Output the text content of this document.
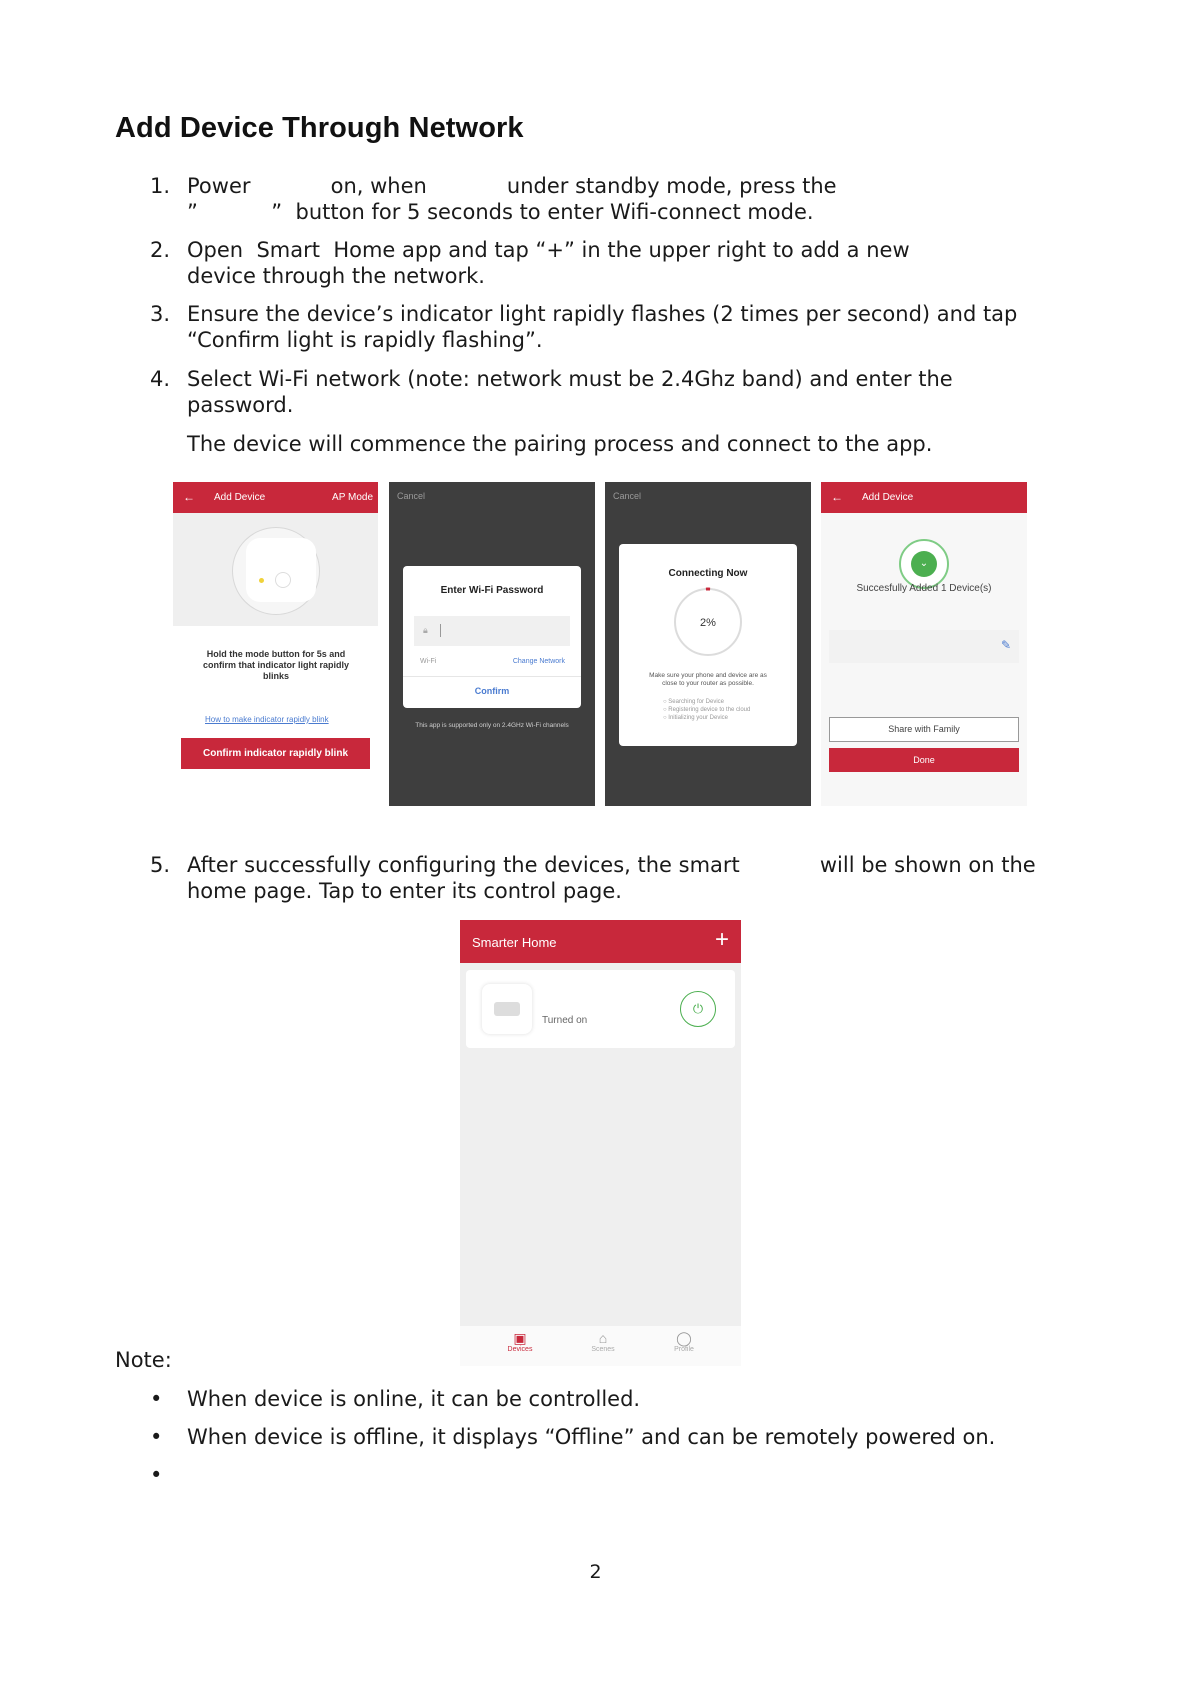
Add Device Through Network
1. Power            on, when            under standby mode, press the
”           ”  button for 5 seconds to enter Wifi-connect mode.
2. Open  Smart  Home app and tap “+” in the upper right to add a new
device through the network.
3. Ensure the device’s indicator light rapidly flashes (2 times per second) and tap
“Confirm light is rapidly flashing”.
4. Select Wi-Fi network (note: network must be 2.4Ghz band) and enter the
password.
The device will commence the pairing process and connect to the app.
← Add Device	AP Mode
Hold the mode button for 5s and confirm that indicator light rapidly blinks
How to make indicator rapidly blink
Confirm indicator rapidly blink
Cancel
Enter Wi-Fi Password
🔒︎
Wi-Fi	Change Network
Confirm
This app is supported only on 2.4GHz Wi-Fi channels
Cancel
Connecting Now
2%
Make sure your phone and device are as close to your router as possible.
○ Searching for Device
○ Registering device to the cloud
○ Initializing your Device
← Add Device
⌄
Succesfully Added 1 Device(s)
✎
Share with Family
Done
5. After successfully configuring the devices, the smart            will be shown on the
home page. Tap to enter its control page.
Smarter Home	+
Turned on
⏻
▣
Devices
⌂
Scenes
◯
Profile
Note:
• When device is online, it can be controlled.
• When device is offline, it displays “Offline” and can be remotely powered on.
•
2
